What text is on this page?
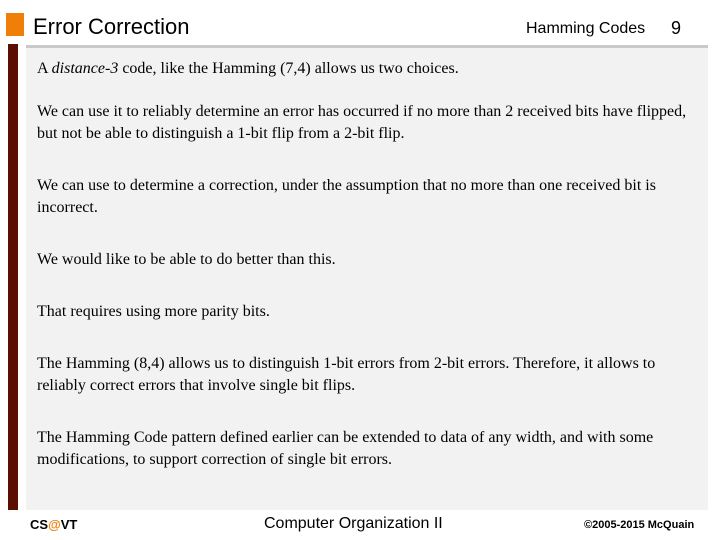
Error Correction	Hamming Codes 9
A distance-3 code, like the Hamming (7,4) allows us two choices.
We can use it to reliably determine an error has occurred if no more than 2 received bits have flipped, but not be able to distinguish a 1-bit flip from a 2-bit flip.
We can use to determine a correction, under the assumption that no more than one received bit is incorrect.
We would like to be able to do better than this.
That requires using more parity bits.
The Hamming (8,4) allows us to distinguish 1-bit errors from 2-bit errors. Therefore, it allows to reliably correct errors that involve single bit flips.
The Hamming Code pattern defined earlier can be extended to data of any width, and with some modifications, to support correction of single bit errors.
CS@VT	Computer Organization II	©2005-2015 McQuain
